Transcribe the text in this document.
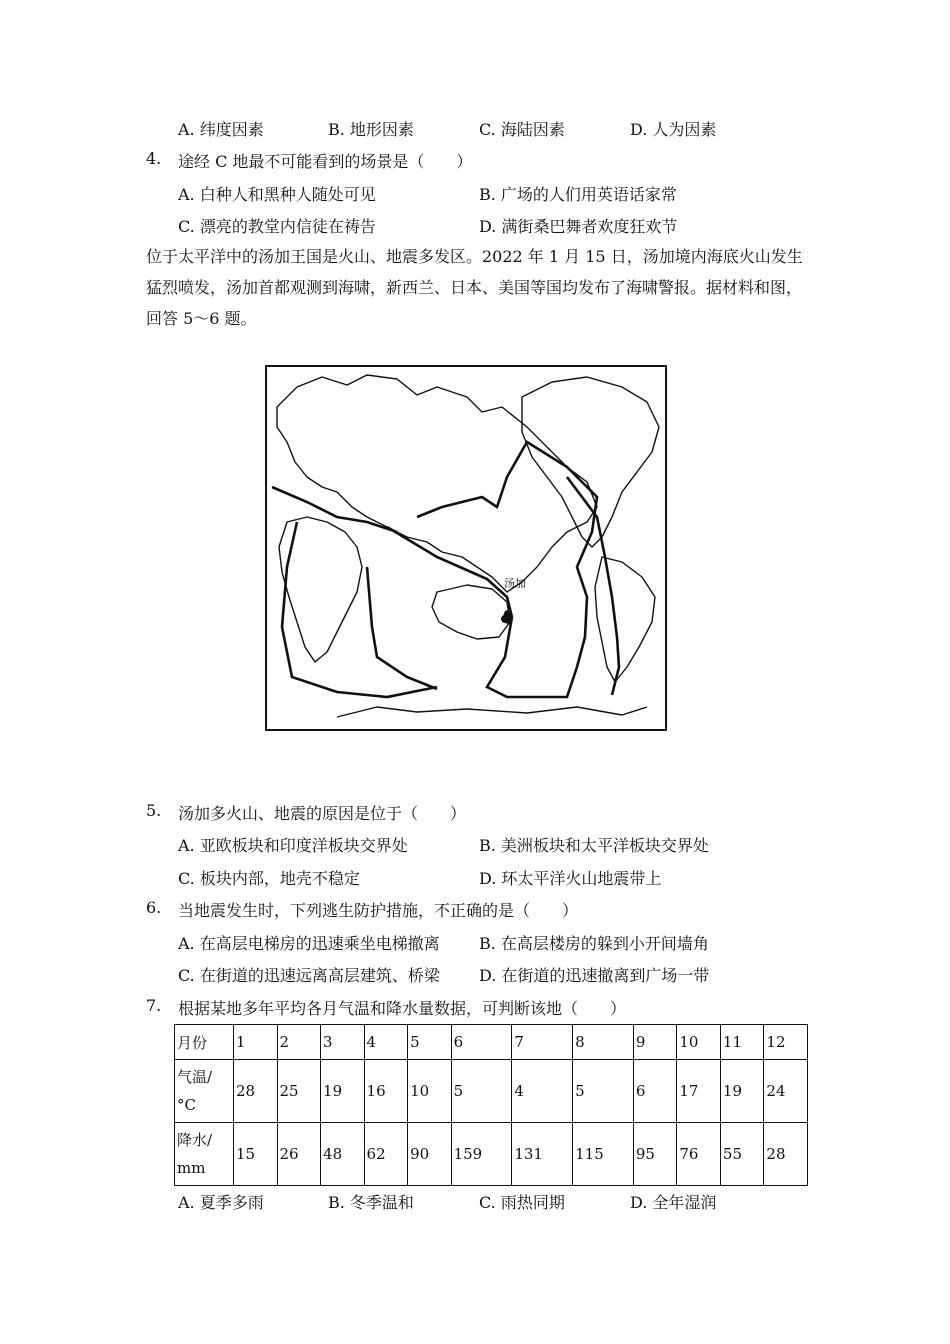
A. 纬度因素	B. 地形因素	C. 海陆因素	D. 人为因素
4. 途经 C 地最不可能看到的场景是（　　）
A. 白种人和黑种人随处可见	B. 广场的人们用英语话家常
C. 漂亮的教堂内信徒在祷告	D. 满街桑巴舞者欢度狂欢节
位于太平洋中的汤加王国是火山、地震多发区。2022 年 1 月 15 日，汤加境内海底火山发生猛烈喷发，汤加首都观测到海啸，新西兰、日本、美国等国均发布了海啸警报。据材料和图，回答 5～6 题。
汤加
5. 汤加多火山、地震的原因是位于（　　）
A. 亚欧板块和印度洋板块交界处	B. 美洲板块和太平洋板块交界处
C. 板块内部，地壳不稳定	D. 环太平洋火山地震带上
6. 当地震发生时，下列逃生防护措施，不正确的是（　　）
A. 在高层电梯房的迅速乘坐电梯撤离 B. 在高层楼房的躲到小开间墙角
C. 在街道的迅速远离高层建筑、桥梁 D. 在街道的迅速撤离到广场一带
7. 根据某地多年平均各月气温和降水量数据，可判断该地（　　）
月份	1	2	3	4	5	6	7	8	9	10	11	12

气温/
°C	28	25	19	16	10	5	4	5	6	17	19	24

降水/
mm	15	26	48	62	90	159	131	115	95	76	55	28
A. 夏季多雨	B. 冬季温和	C. 雨热同期	D. 全年湿润
